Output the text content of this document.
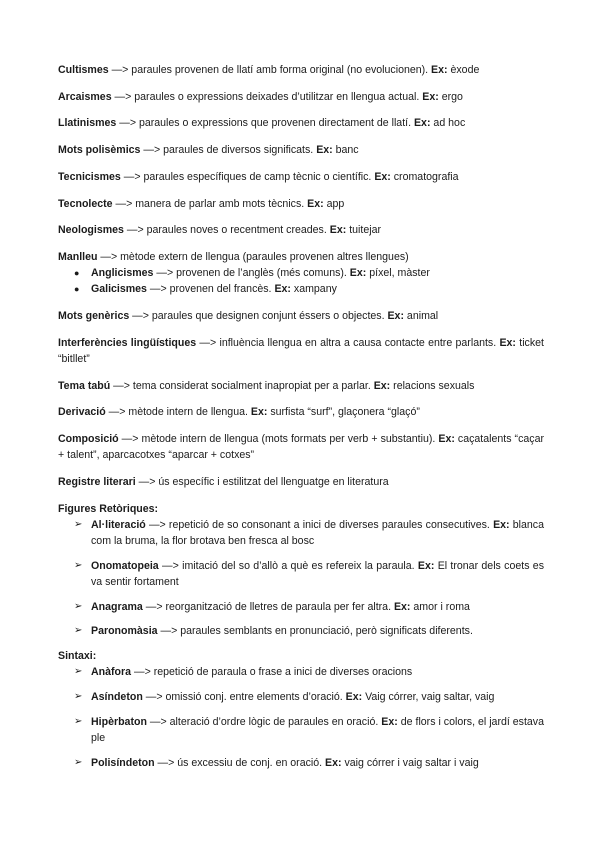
Cultismes —> paraules provenen de llatí amb forma original (no evolucionen). Ex: èxode

Arcaismes —> paraules o expressions deixades d’utilitzar en llengua actual. Ex: ergo

Llatinismes —> paraules o expressions que provenen directament de llatí. Ex: ad hoc

Mots polisèmics —> paraules de diversos significats. Ex: banc

Tecnicismes —> paraules específiques de camp tècnic o científic. Ex: cromatografia

Tecnolecte —> manera de parlar amb mots tècnics. Ex: app

Neologismes —> paraules noves o recentment creades. Ex: tuitejar

Manlleu —> mètode extern de llengua (paraules provenen altres llengues)

● Anglicismes —> provenen de l’anglès (més comuns). Ex: píxel, màster
● Galicismes —> provenen del francès. Ex: xampany

Mots genèrics —> paraules que designen conjunt éssers o objectes. Ex: animal

Interferències lingüístiques —> influència llengua en altra a causa contacte entre parlants. Ex: ticket “bitllet”

Tema tabú —> tema considerat socialment inapropiat per a parlar. Ex: relacions sexuals

Derivació —> mètode intern de llengua. Ex: surfista “surf”, glaçonera “glaçó”

Composició —> mètode intern de llengua (mots formats per verb + substantiu). Ex: caçatalents “caçar + talent”, aparcacotxes “aparcar + cotxes”

Registre literari —> ús específic i estilitzat del llenguatge en literatura

Figures Retòriques:

➢ Al·literació —> repetició de so consonant a inici de diverses paraules consecutives. Ex: blanca com la bruma, la flor brotava ben fresca al bosc
➢ Onomatopeia —> imitació del so d’allò a què es refereix la paraula. Ex: El tronar dels coets es va sentir fortament
➢ Anagrama —> reorganització de lletres de paraula per fer altra. Ex: amor i roma
➢ Paronomàsia —> paraules semblants en pronunciació, però significats diferents.

Sintaxi:

➢ Anàfora —> repetició de paraula o frase a inici de diverses oracions
➢ Asíndeton —> omissió conj. entre elements d’oració. Ex: Vaig córrer, vaig saltar, vaig
➢ Hipèrbaton —> alteració d’ordre lògic de paraules en oració. Ex: de flors i colors, el jardí estava ple
➢ Polisíndeton —> ús excessiu de conj. en oració. Ex: vaig córrer i vaig saltar i vaig
